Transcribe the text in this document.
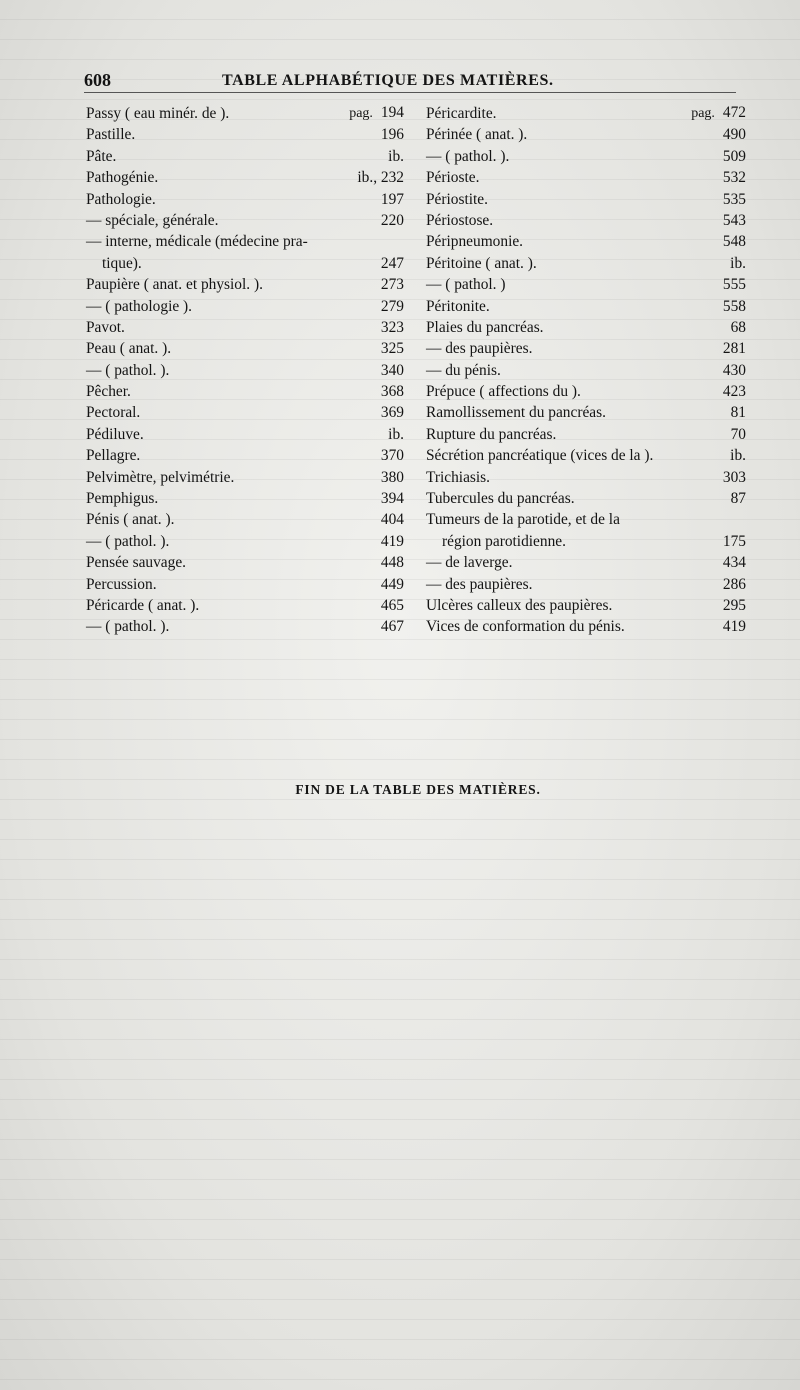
608	TABLE ALPHABÉTIQUE DES MATIÈRES.
Passy ( eau minér. de ).	pag. 194
Pastille.	196
Pâte.	ib.
Pathogénie.	ib., 232
Pathologie.	197
— spéciale, générale.	220
— interne, médicale (médecine pra-
tique).	247
Paupière ( anat. et physiol. ).	273
— ( pathologie ).	279
Pavot.	323
Peau ( anat. ).	325
— ( pathol. ).	340
Pêcher.	368
Pectoral.	369
Pédiluve.	ib.
Pellagre.	370
Pelvimètre, pelvimétrie.	380
Pemphigus.	394
Pénis ( anat. ).	404
— ( pathol. ).	419
Pensée sauvage.	448
Percussion.	449
Péricarde ( anat. ).	465
— ( pathol. ).	467
Péricardite.	pag. 472
Périnée ( anat. ).	490
— ( pathol. ).	509
Périoste.	532
Périostite.	535
Périostose.	543
Péripneumonie.	548
Péritoine ( anat. ).	ib.
— ( pathol. )	555
Péritonite.	558
Plaies du pancréas.	68
— des paupières.	281
— du pénis.	430
Prépuce ( affections du ).	423
Ramollissement du pancréas.	81
Rupture du pancréas.	70
Sécrétion pancréatique (vices de la ).	ib.
Trichiasis.	303
Tubercules du pancréas.	87
Tumeurs de la parotide, et de la
région parotidienne.	175
— de laverge.	434
— des paupières.	286
Ulcères calleux des paupières.	295
Vices de conformation du pénis.	419
FIN DE LA TABLE DES MATIÈRES.
